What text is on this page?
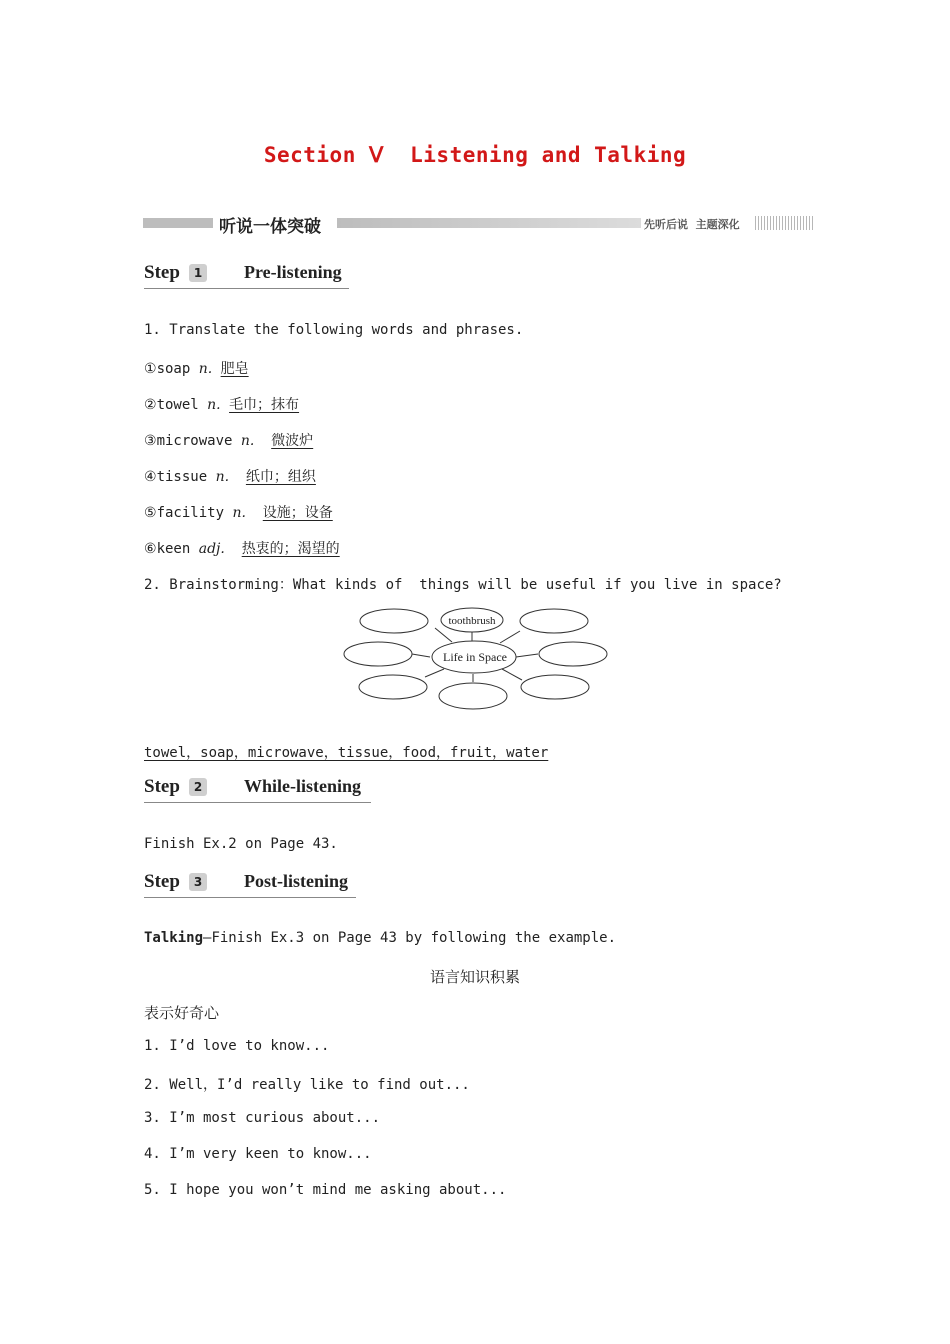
Section Ⅴ  Listening and Talking
听说一体突破	先听后说  主题深化
Step	1 Pre-listening
1. Translate the following words and phrases.
①soap n. 肥皂
②towel n. 毛巾；抹布
③microwave n. 微波炉
④tissue n. 纸巾；组织
⑤facility n. 设施；设备
⑥keen adj. 热衷的；渴望的
2. Brainstorming：What kinds of  things will be useful if you live in space?
toothbrush
Life in Space
towel，soap，microwave，tissue，food，fruit，water
Step	2 While-listening
Finish Ex.2 on Page 43.
Step	3 Post-listening
Talking—Finish Ex.3 on Page 43 by following the example.
语言知识积累
表示好奇心
1. I’d love to know...
2. Well，I’d really like to find out...
3. I’m most curious about...
4. I’m very keen to know...
5. I hope you won’t mind me asking about...
